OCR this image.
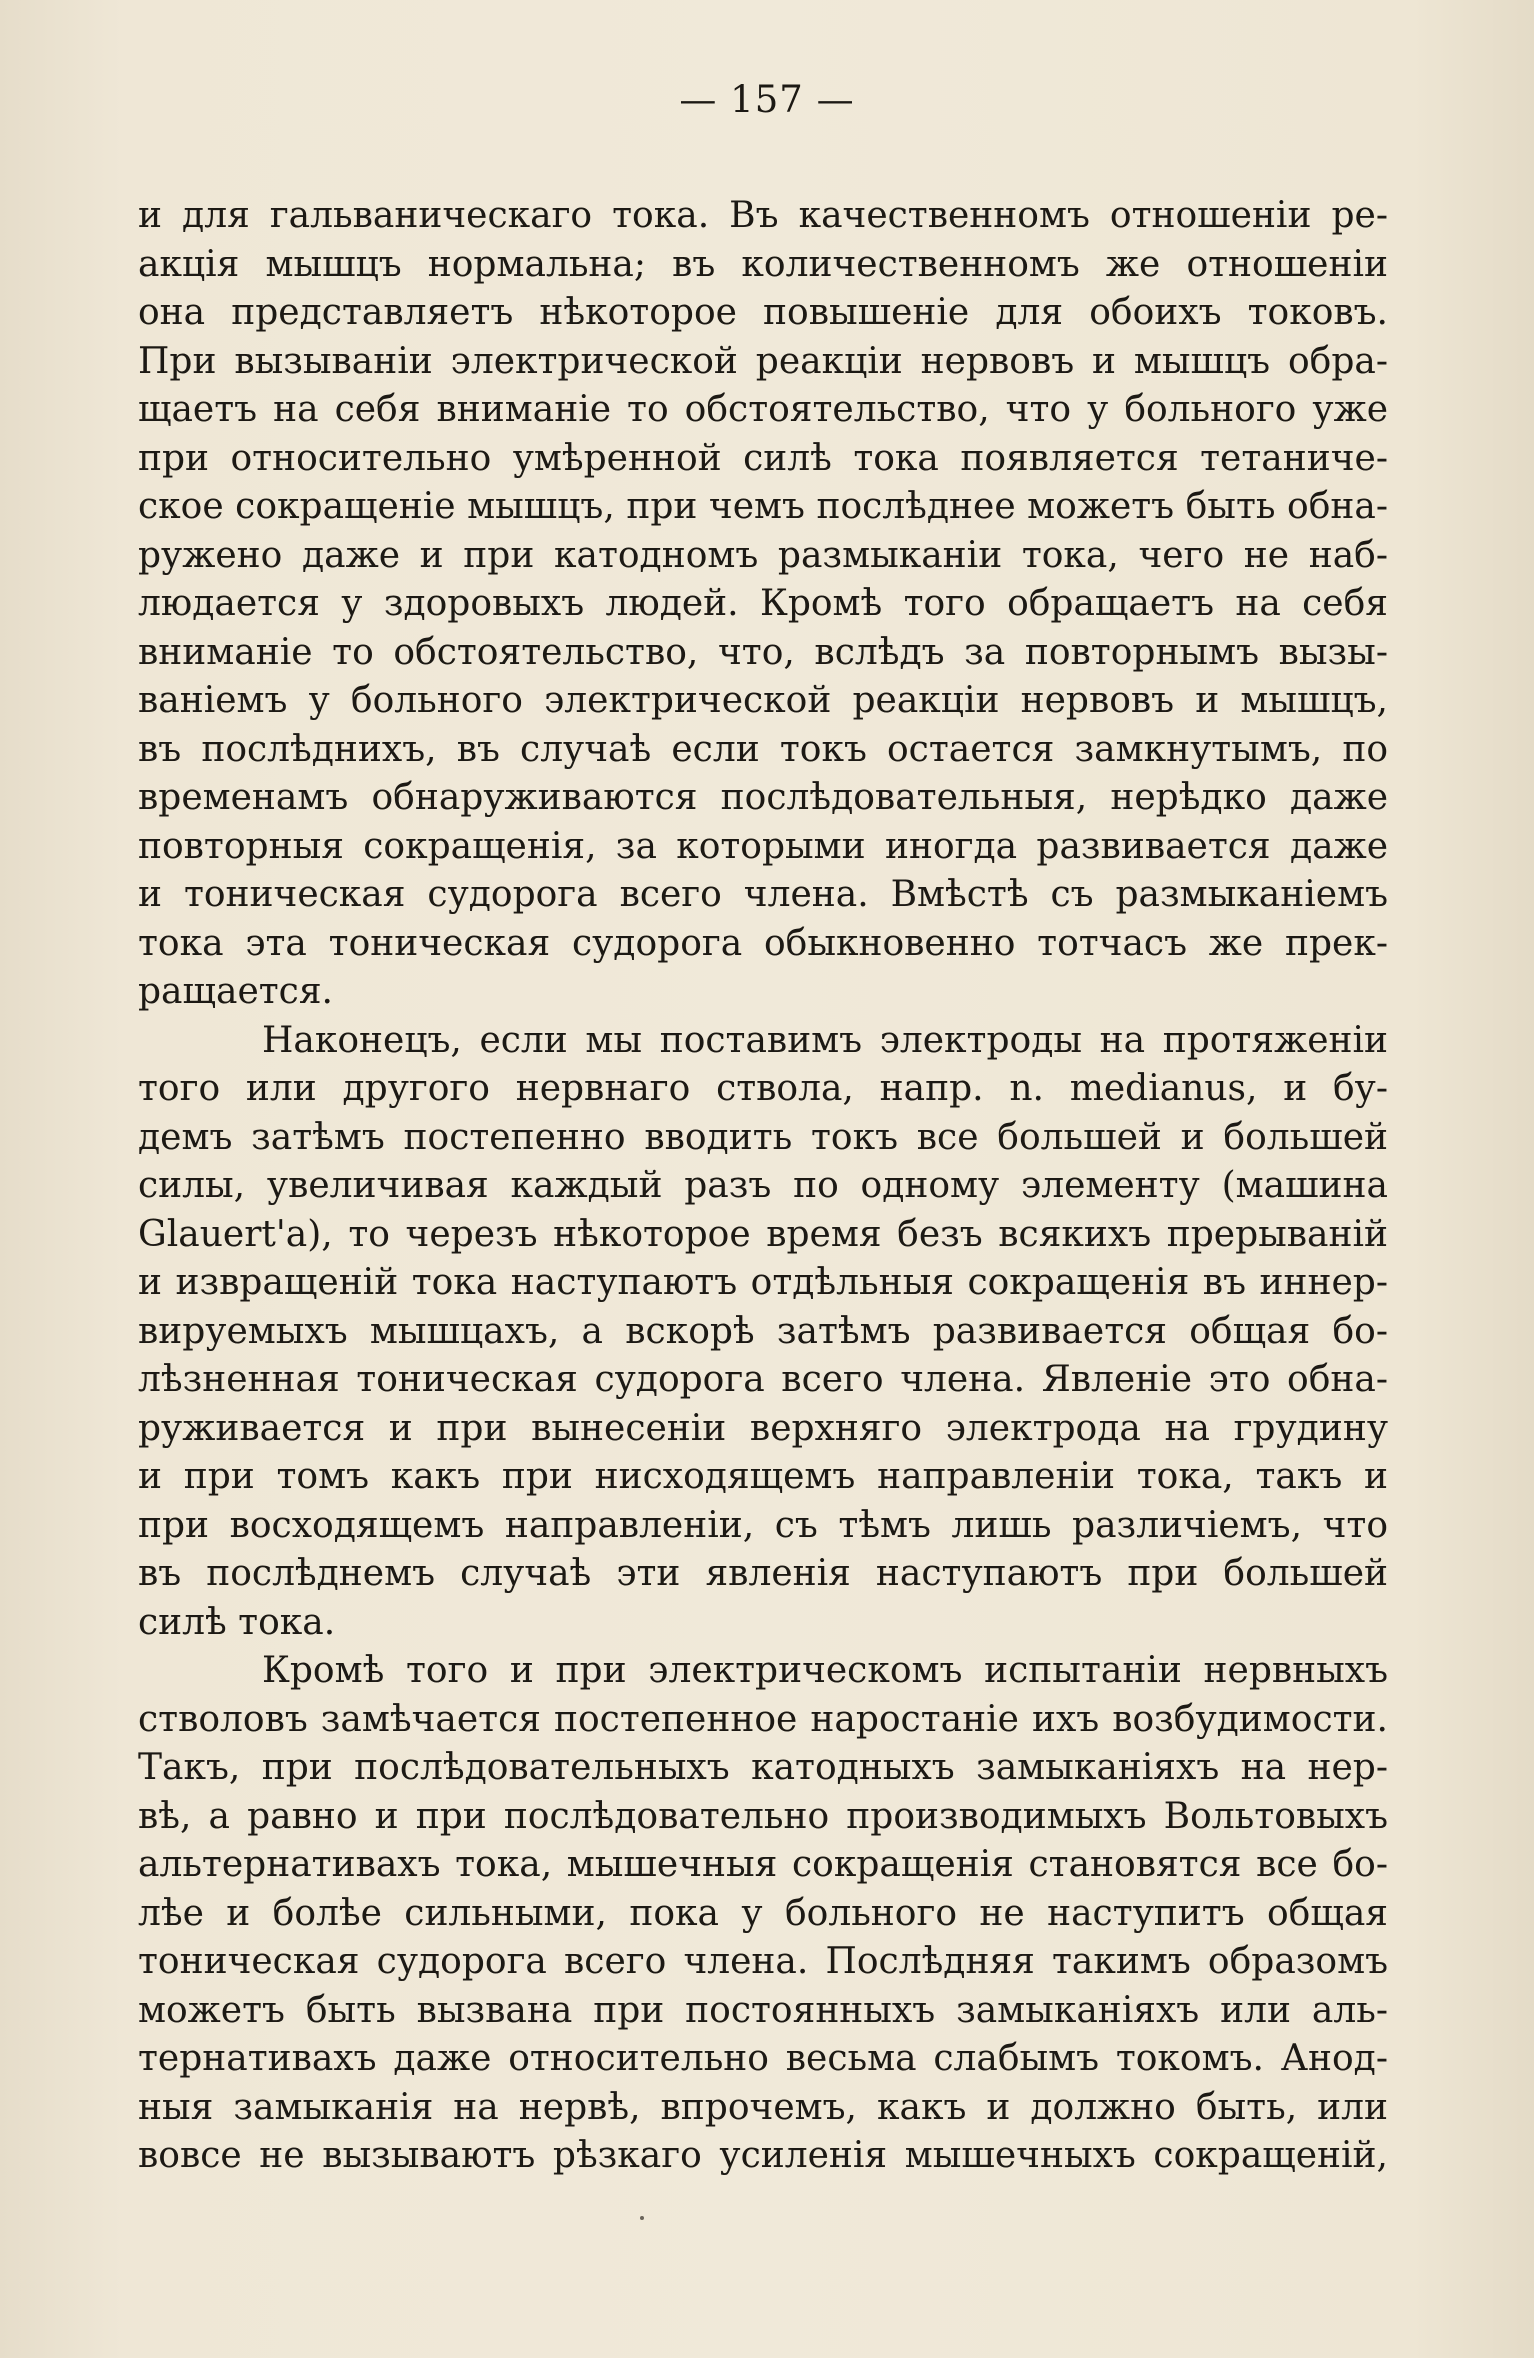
— 157 —
и для гальваническаго тока. Въ качественномъ отношенiи ре-
акцiя мышцъ нормальна; въ количественномъ же отношенiи
она представляетъ нѣкоторое повышенiе для обоихъ токовъ.
При вызыванiи электрической реакцiи нервовъ и мышцъ обра-
щаетъ на себя вниманiе то обстоятельство, что у больного уже
при относительно умѣренной силѣ тока появляется тетаниче-
ское сокращенiе мышцъ, при чемъ послѣднее можетъ быть обна-
ружено даже и при катодномъ размыканiи тока, чего не наб-
людается у здоровыхъ людей. Кромѣ того обращаетъ на себя
вниманiе то обстоятельство, что, вслѣдъ за повторнымъ вызы-
ванiемъ у больного электрической реакцiи нервовъ и мышцъ,
въ послѣднихъ, въ случаѣ если токъ остается замкнутымъ, по
временамъ обнаруживаются послѣдовательныя, нерѣдко даже
повторныя сокращенiя, за которыми иногда развивается даже
и тоническая судорога всего члена. Вмѣстѣ съ размыканiемъ
тока эта тоническая судорога обыкновенно тотчасъ же прек-
ращается.
Наконецъ, если мы поставимъ электроды на протяженiи
того или другого нервнаго ствола, напр. n. medianus, и бу-
демъ затѣмъ постепенно вводить токъ все большей и большей
силы, увеличивая каждый разъ по одному элементу (машина
Glauert'а), то черезъ нѣкоторое время безъ всякихъ прерыванiй
и извращенiй тока наступаютъ отдѣльныя сокращенiя въ иннер-
вируемыхъ мышцахъ, а вскорѣ затѣмъ развивается общая бо-
лѣзненная тоническая судорога всего члена. Явленiе это обна-
руживается и при вынесенiи верхняго электрода на грудину
и при томъ какъ при нисходящемъ направленiи тока, такъ и
при восходящемъ направленiи, съ тѣмъ лишь различiемъ, что
въ послѣднемъ случаѣ эти явленiя наступаютъ при большей
силѣ тока.
Кромѣ того и при электрическомъ испытанiи нервныхъ
стволовъ замѣчается постепенное наростанiе ихъ возбудимости.
Такъ, при послѣдовательныхъ катодныхъ замыканiяхъ на нер-
вѣ, а равно и при послѣдовательно производимыхъ Вольтовыхъ
альтернативахъ тока, мышечныя сокращенiя становятся все бо-
лѣе и болѣе сильными, пока у больного не наступитъ общая
тоническая судорога всего члена. Послѣдняя такимъ образомъ
можетъ быть вызвана при постоянныхъ замыканiяхъ или аль-
тернативахъ даже относительно весьма слабымъ токомъ. Анод-
ныя замыканiя на нервѣ, впрочемъ, какъ и должно быть, или
вовсе не вызываютъ рѣзкаго усиленiя мышечныхъ сокращенiй,
